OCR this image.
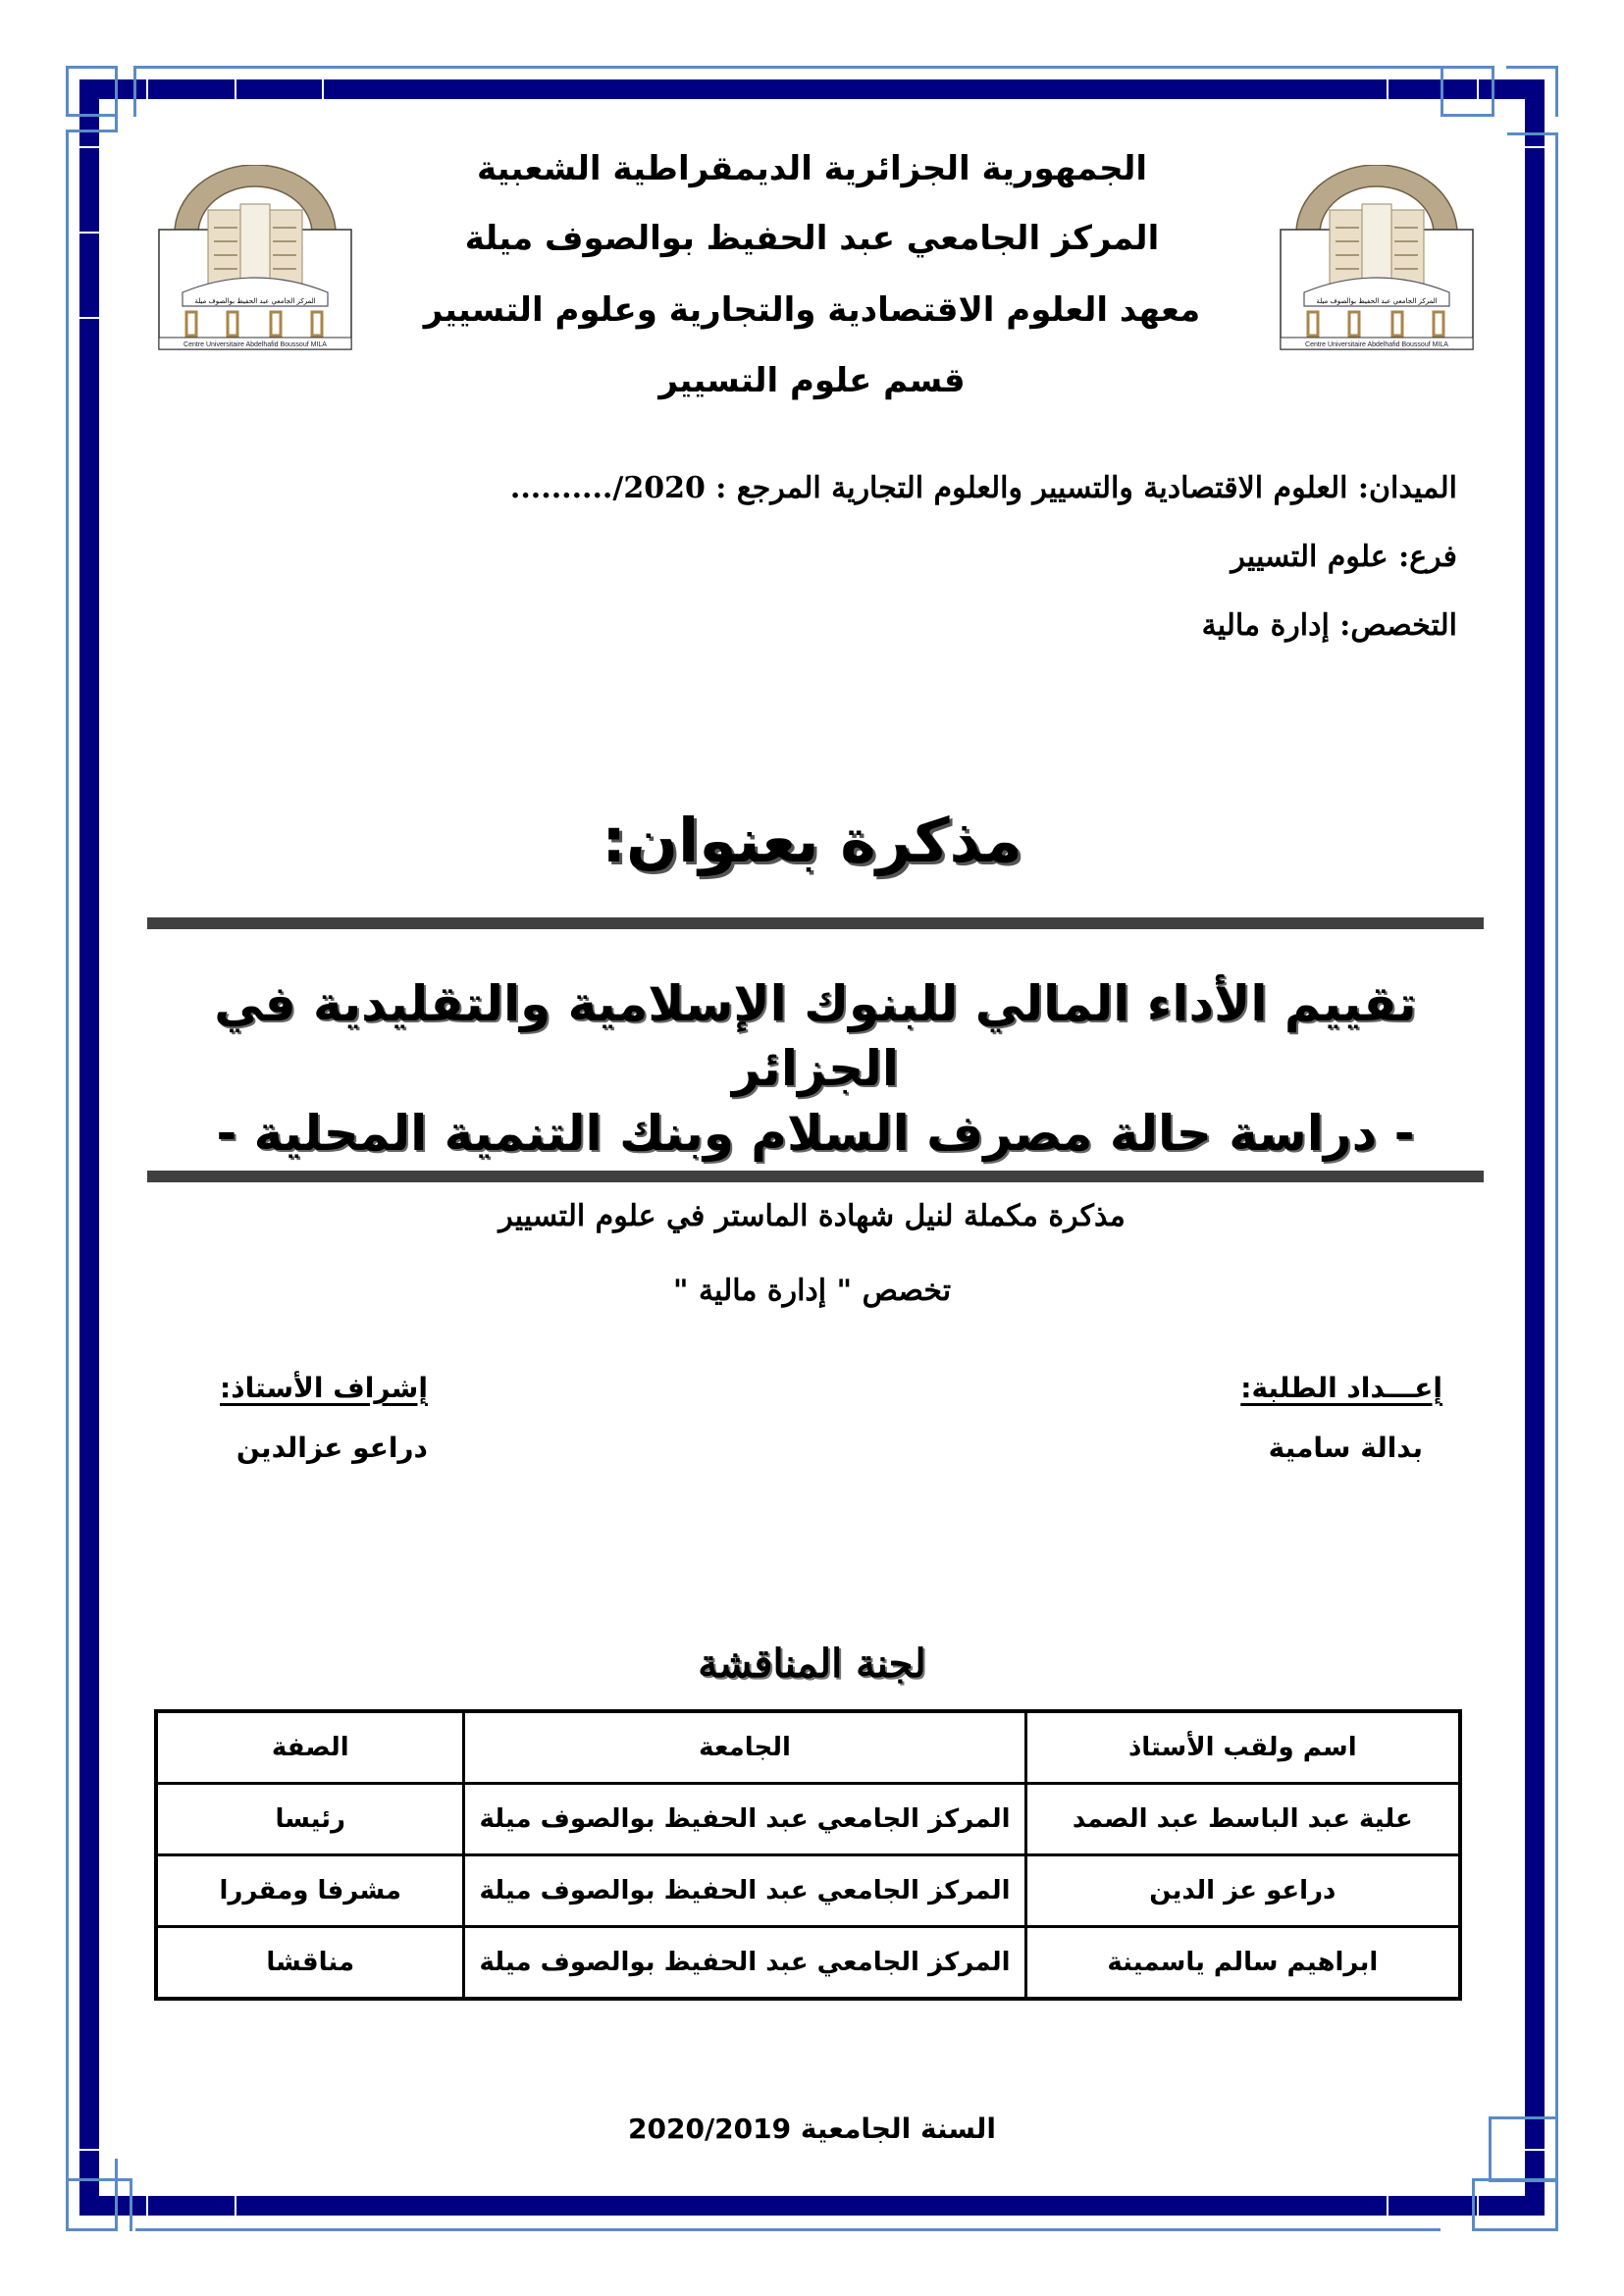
المركز الجامعي عبد الحفيظ بوالصوف ميلة
Centre Universitaire Abdelhafid Boussouf MILA
المركز الجامعي عبد الحفيظ بوالصوف ميلة
Centre Universitaire Abdelhafid Boussouf MILA
الجمهورية الجزائرية الديمقراطية الشعبية
المركز الجامعي عبد الحفيظ بوالصوف ميلة
معهد العلوم الاقتصادية والتجارية وعلوم التسيير
قسم علوم التسيير
الميدان: العلوم الاقتصادية والتسيير والعلوم التجارية المرجع : ........../2020
فرع: علوم التسيير
التخصص: إدارة مالية
مذكرة بعنوان:
تقييم الأداء المالي للبنوك الإسلامية والتقليدية في الجزائر
- دراسة حالة مصرف السلام وبنك التنمية المحلية -
مذكرة مكملة لنيل شهادة الماستر في علوم التسيير
تخصص " إدارة مالية "
إعـــداد الطلبة:
بدالة سامية
إشراف الأستاذ:
دراعو عزالدين
لجنة المناقشة
اسم ولقب الأستاذ	الجامعة	الصفة
علية عبد الباسط عبد الصمد	المركز الجامعي عبد الحفيظ بوالصوف ميلة	رئيسا
دراعو عز الدين	المركز الجامعي عبد الحفيظ بوالصوف ميلة	مشرفا ومقررا
ابراهيم سالم ياسمينة	المركز الجامعي عبد الحفيظ بوالصوف ميلة	مناقشا
السنة الجامعية 2020/2019
